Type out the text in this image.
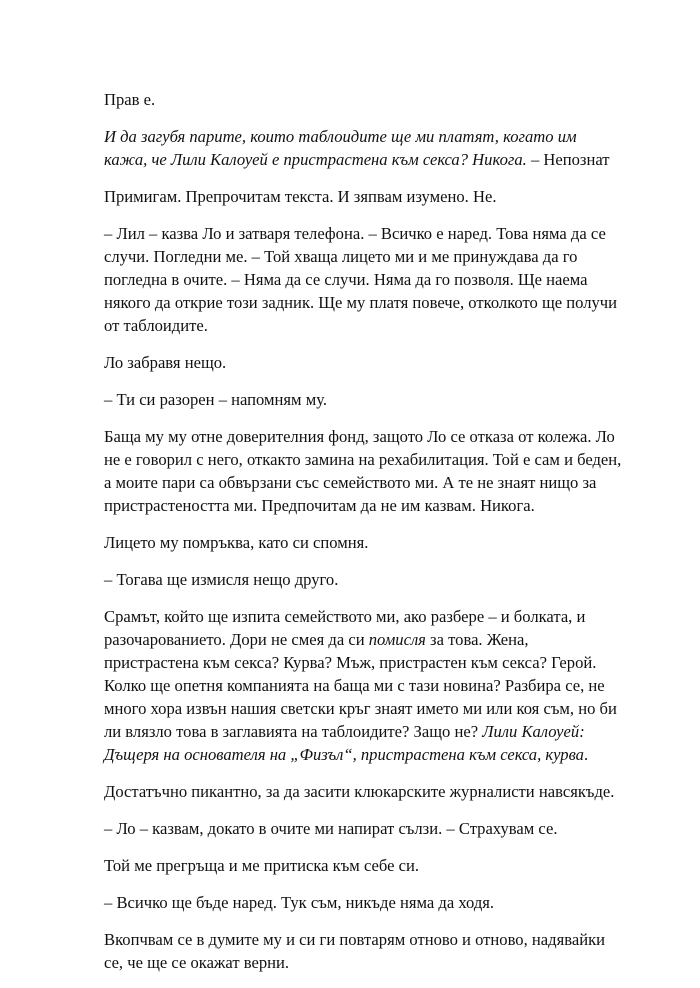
Прав е.

И да загубя парите, които таблоидите ще ми платят, когато им
кажа, че Лили Калоуей е пристрастена към секса? Никога. – Непознат

Примигам. Препрочитам текста. И зяпвам изумено. Не.

– Лил – казва Ло и затваря телефона. – Всичко е наред. Това няма да се
случи. Погледни ме. – Той хваща лицето ми и ме принуждава да го
погледна в очите. – Няма да се случи. Няма да го позволя. Ще наема
някого да открие този задник. Ще му платя повече, отколкото ще получи
от таблоидите.

Ло забравя нещо.

– Ти си разорен – напомням му.

Баща му му отне доверителния фонд, защото Ло се отказа от колежа. Ло
не е говорил с него, откакто замина на рехабилитация. Той е сам и беден,
а моите пари са обвързани със семейството ми. А те не знаят нищо за
пристрастеността ми. Предпочитам да не им казвам. Никога.

Лицето му помръква, като си спомня.

– Тогава ще измисля нещо друго.

Срамът, който ще изпита семейството ми, ако разбере – и болката, и
разочарованието. Дори не смея да си помисля за това. Жена,
пристрастена към секса? Курва? Мъж, пристрастен към секса? Герой.
Колко ще опетня компанията на баща ми с тази новина? Разбира се, не
много хора извън нашия светски кръг знаят името ми или коя съм, но би
ли влязло това в заглавията на таблоидите? Защо не? Лили Калоуей:
Дъщеря на основателя на „Физъл“, пристрастена към секса, курва.

Достатъчно пикантно, за да засити клюкарските журналисти навсякъде.

– Ло – казвам, докато в очите ми напират сълзи. – Страхувам се.

Той ме прегръща и ме притиска към себе си.

– Всичко ще бъде наред. Тук съм, никъде няма да ходя.

Вкопчвам се в думите му и си ги повтарям отново и отново, надявайки
се, че ще се окажат верни.
